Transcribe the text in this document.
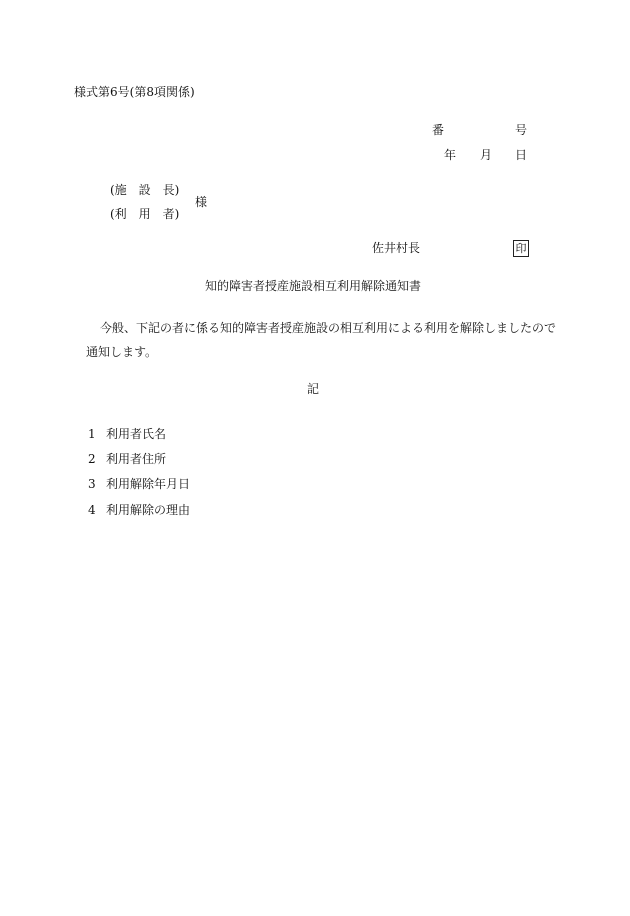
様式第6号(第8項関係)
番	号
年 月 日
(施　設　長)
(利　用　者)
様
佐井村長	印
知的障害者授産施設相互利用解除通知書
今般、下記の者に係る知的障害者授産施設の相互利用による利用を解除しましたので
通知します。
記
1 利用者氏名
2 利用者住所
3 利用解除年月日
4 利用解除の理由
